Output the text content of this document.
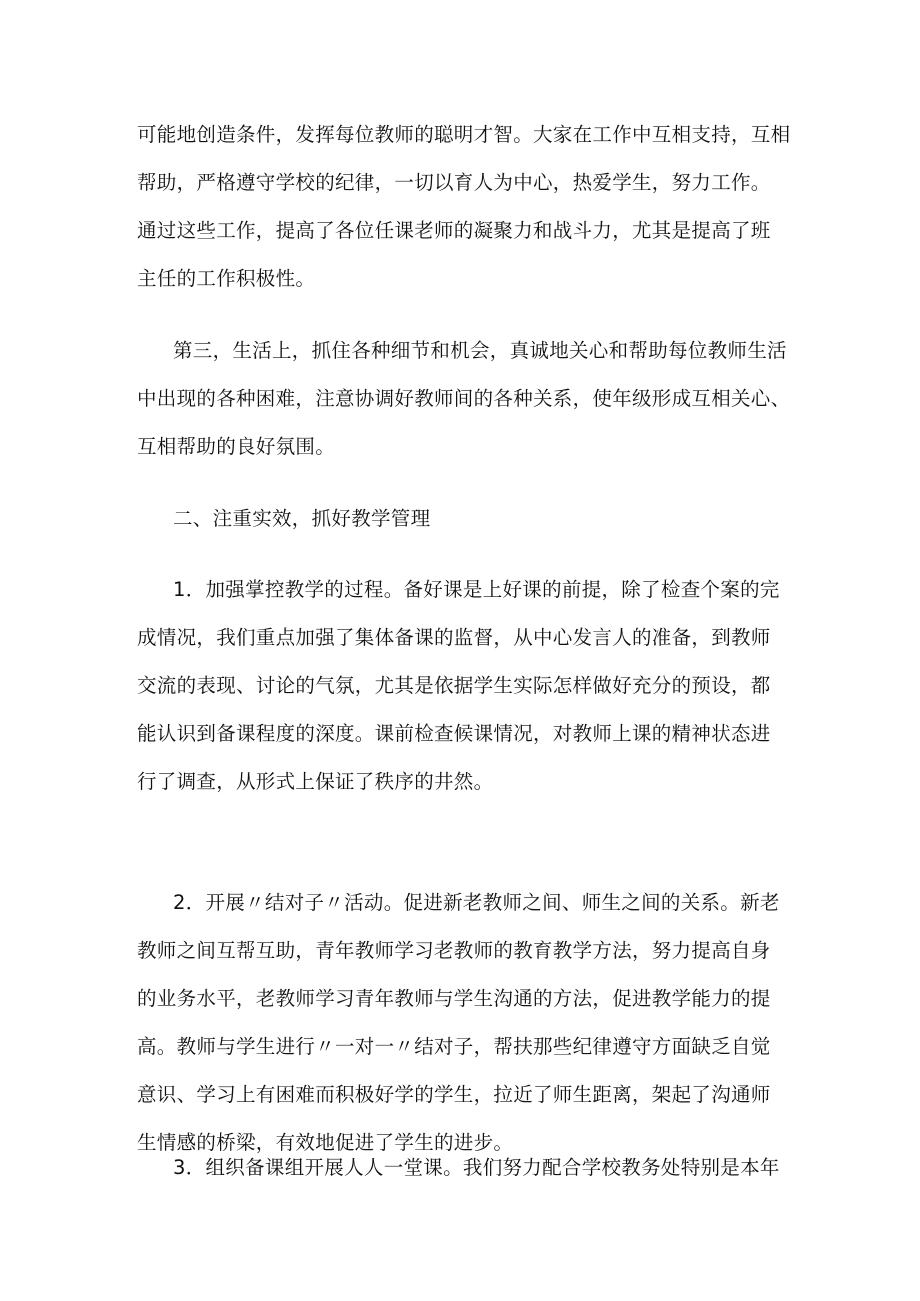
可能地创造条件，发挥每位教师的聪明才智。大家在工作中互相支持，互相
帮助，严格遵守学校的纪律，一切以育人为中心，热爱学生，努力工作。
通过这些工作，提高了各位任课老师的凝聚力和战斗力，尤其是提高了班
主任的工作积极性。

第三，生活上，抓住各种细节和机会，真诚地关心和帮助每位教师生活
中出现的各种困难，注意协调好教师间的各种关系，使年级形成互相关心、
互相帮助的良好氛围。

二、注重实效，抓好教学管理

1．加强掌控教学的过程。备好课是上好课的前提，除了检查个案的完
成情况，我们重点加强了集体备课的监督，从中心发言人的准备，到教师
交流的表现、讨论的气氛，尤其是依据学生实际怎样做好充分的预设，都
能认识到备课程度的深度。课前检查候课情况，对教师上课的精神状态进
行了调查，从形式上保证了秩序的井然。

2．开展〃结对子〃活动。促进新老教师之间、师生之间的关系。新老
教师之间互帮互助，青年教师学习老教师的教育教学方法，努力提高自身
的业务水平，老教师学习青年教师与学生沟通的方法，促进教学能力的提
高。教师与学生进行〃一对一〃结对子，帮扶那些纪律遵守方面缺乏自觉
意识、学习上有困难而积极好学的学生，拉近了师生距离，架起了沟通师
生情感的桥梁，有效地促进了学生的进步。

3．组织备课组开展人人一堂课。我们努力配合学校教务处特别是本年
